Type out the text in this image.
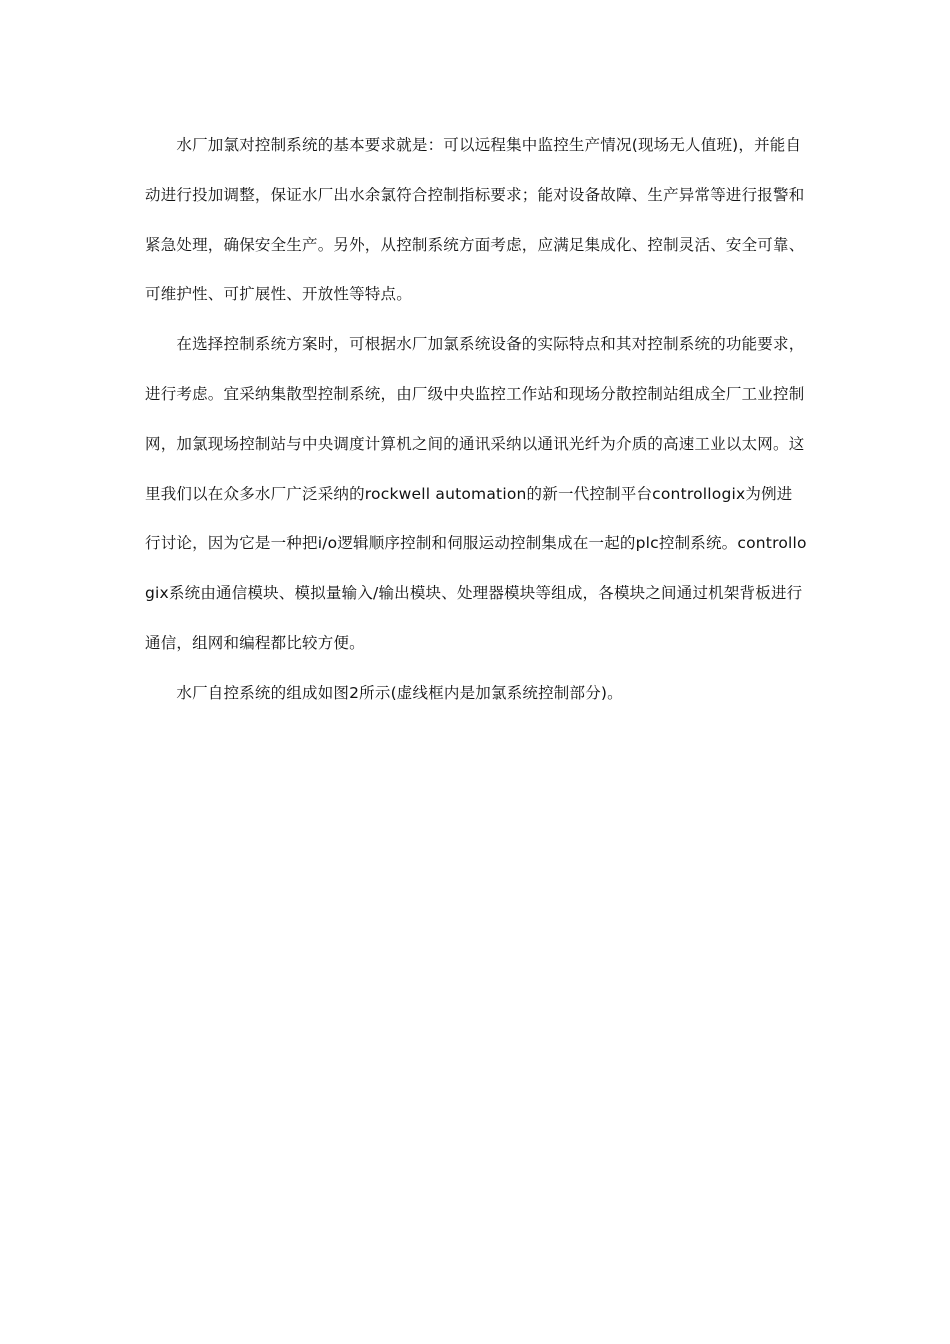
　　水厂加氯对控制系统的基本要求就是：可以远程集中监控生产情况(现场无人值班)，并能自动进行投加调整，保证水厂出水余氯符合控制指标要求；能对设备故障、生产异常等进行报警和紧急处理，确保安全生产。另外，从控制系统方面考虑，应满足集成化、控制灵活、安全可靠、可维护性、可扩展性、开放性等特点。

　　在选择控制系统方案时，可根据水厂加氯系统设备的实际特点和其对控制系统的功能要求，进行考虑。宜采纳集散型控制系统，由厂级中央监控工作站和现场分散控制站组成全厂工业控制网，加氯现场控制站与中央调度计算机之间的通讯采纳以通讯光纤为介质的高速工业以太网。这里我们以在众多水厂广泛采纳的rockwell automation的新一代控制平台controllogix为例进行讨论，因为它是一种把i/o逻辑顺序控制和伺服运动控制集成在一起的plc控制系统。controllogix系统由通信模块、模拟量输入/输出模块、处理器模块等组成，各模块之间通过机架背板进行通信，组网和编程都比较方便。

　　水厂自控系统的组成如图2所示(虚线框内是加氯系统控制部分)。
